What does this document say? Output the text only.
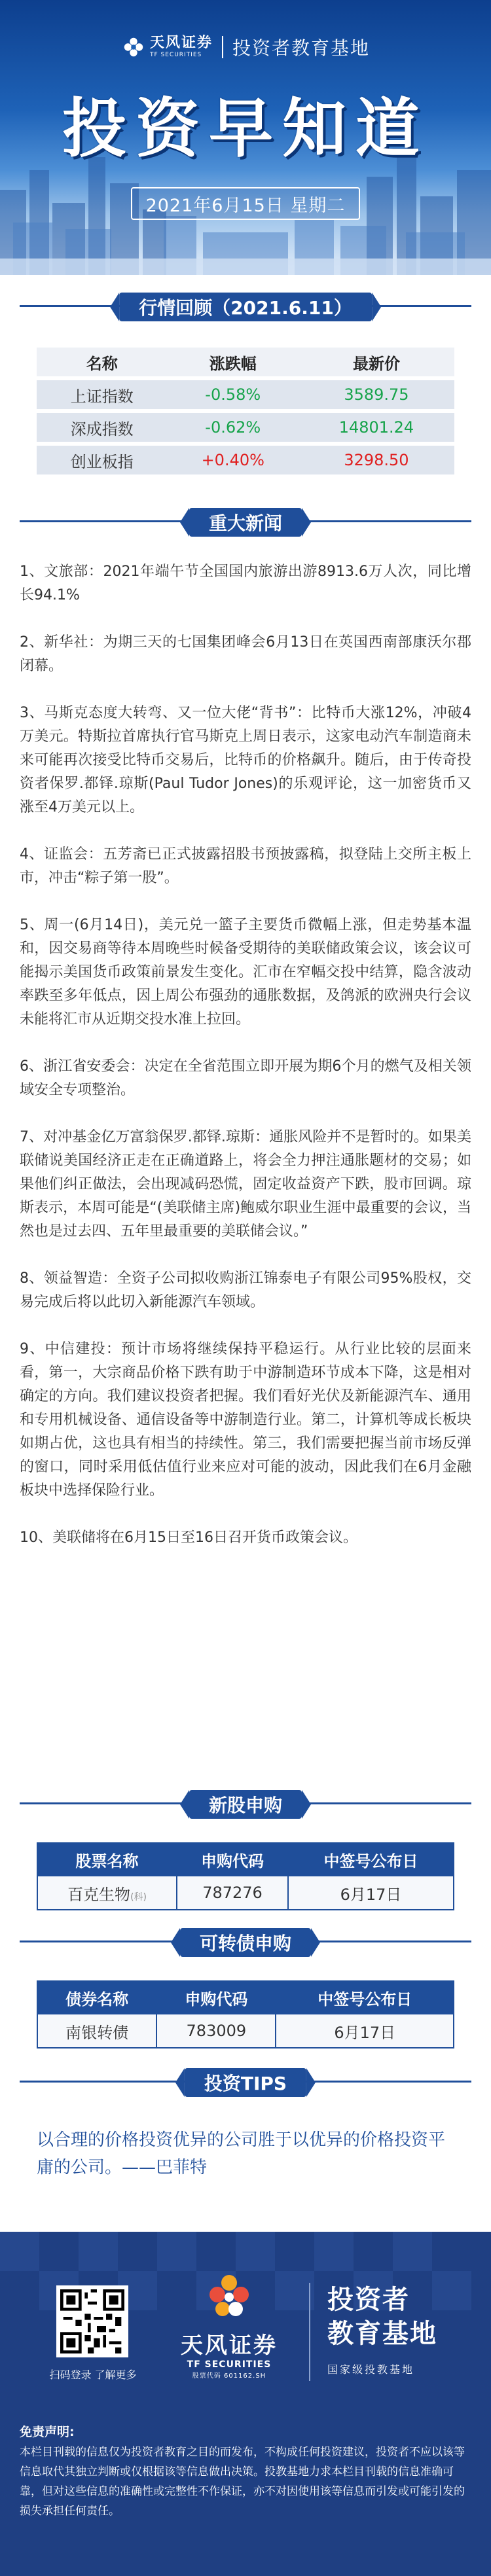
天风证券
TF SECURITIES	投资者教育基地
投资早知道
2021年6月15日 星期二
行情回顾（2021.6.11）
名称	涨跌幅	最新价
上证指数	-0.58%	3589.75
深成指数	-0.62%	14801.24
创业板指	+0.40%	3298.50
重大新闻

1、文旅部：2021年端午节全国国内旅游出游8913.6万人次，同比增长94.1%

2、新华社：为期三天的七国集团峰会6月13日在英国西南部康沃尔郡闭幕。

3、马斯克态度大转弯、又一位大佬“背书”：比特币大涨12%，冲破4万美元。特斯拉首席执行官马斯克上周日表示，这家电动汽车制造商未来可能再次接受比特币交易后，比特币的价格飙升。随后，由于传奇投资者保罗.都铎.琼斯(Paul Tudor Jones)的乐观评论，这一加密货币又涨至4万美元以上。

4、证监会：五芳斋已正式披露招股书预披露稿，拟登陆上交所主板上市，冲击“粽子第一股”。

5、周一(6月14日)，美元兑一篮子主要货币微幅上涨，但走势基本温和，因交易商等待本周晚些时候备受期待的美联储政策会议，该会议可能揭示美国货币政策前景发生变化。汇市在窄幅交投中结算，隐含波动率跌至多年低点，因上周公布强劲的通胀数据，及鸽派的欧洲央行会议未能将汇市从近期交投水准上拉回。

6、浙江省安委会：决定在全省范围立即开展为期6个月的燃气及相关领域安全专项整治。

7、对冲基金亿万富翁保罗.都铎.琼斯：通胀风险并不是暂时的。如果美联储说美国经济正走在正确道路上，将会全力押注通胀题材的交易；如果他们纠正做法，会出现减码恐慌，固定收益资产下跌，股市回调。琼斯表示，本周可能是“(美联储主席)鲍威尔职业生涯中最重要的会议，当然也是过去四、五年里最重要的美联储会议。”

8、领益智造：全资子公司拟收购浙江锦泰电子有限公司95%股权，交易完成后将以此切入新能源汽车领域。

9、中信建投：预计市场将继续保持平稳运行。从行业比较的层面来看，第一，大宗商品价格下跌有助于中游制造环节成本下降，这是相对确定的方向。我们建议投资者把握。我们看好光伏及新能源汽车、通用和专用机械设备、通信设备等中游制造行业。第二，计算机等成长板块如期占优，这也具有相当的持续性。第三，我们需要把握当前市场反弹的窗口，同时采用低估值行业来应对可能的波动，因此我们在6月金融板块中选择保险行业。

10、美联储将在6月15日至16日召开货币政策会议。

新股申购
股票名称	申购代码	中签号公布日
百克生物(科)	787276	6月17日
可转债申购
债券名称	申购代码	中签号公布日
南银转债	783009	6月17日
投资TIPS
以合理的价格投资优异的公司胜于以优异的价格投资平庸的公司。——巴菲特
扫码登录 了解更多
天风证券
TF SECURITIES
股票代码 601162.SH
投资者
教育基地
国家级投教基地
免责声明:
本栏目刊载的信息仅为投资者教育之目的而发布，不构成任何投资建议，投资者不应以该等信息取代其独立判断或仅根据该等信息做出决策。投教基地力求本栏目刊载的信息准确可靠，但对这些信息的准确性或完整性不作保证，亦不对因使用该等信息而引发或可能引发的损失承担任何责任。
